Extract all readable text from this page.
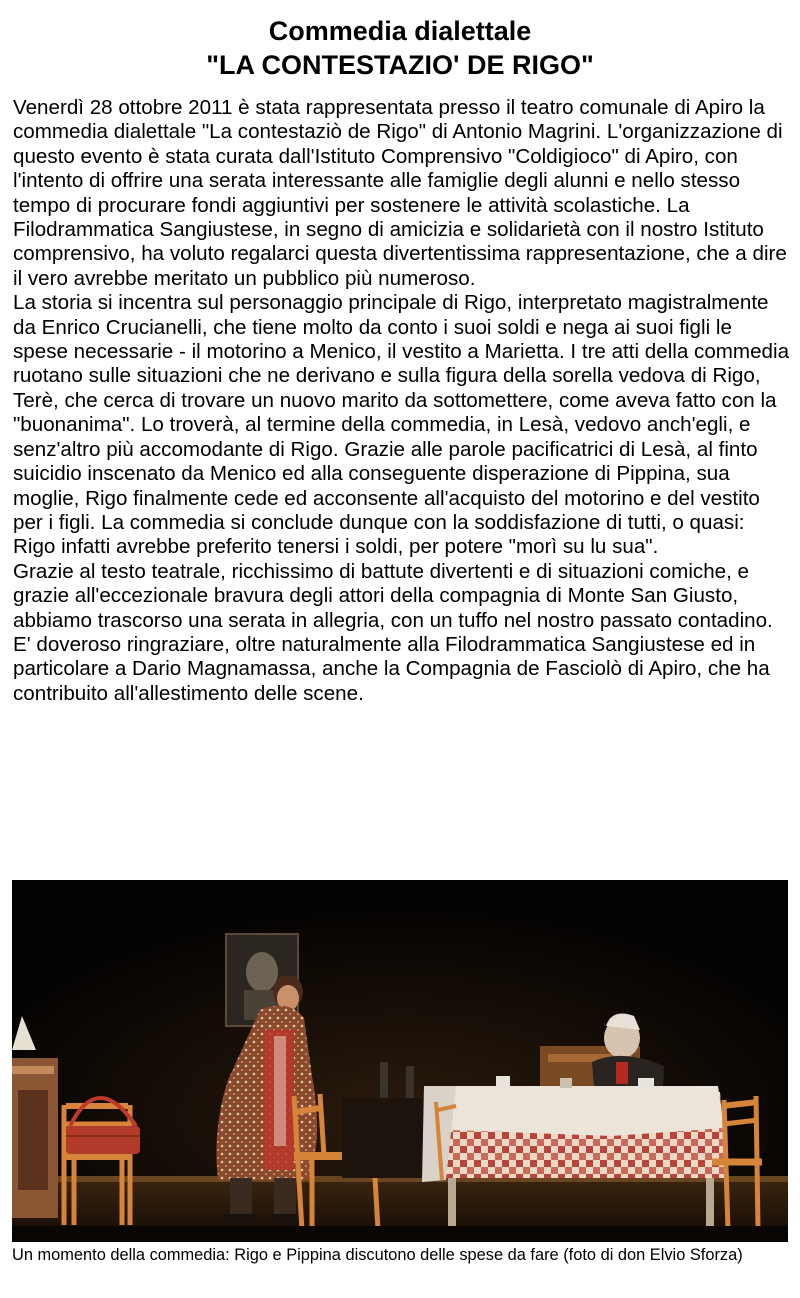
Commedia dialettale
"LA CONTESTAZIO' DE RIGO"

Venerdì 28 ottobre 2011 è stata rappresentata presso il teatro comunale di Apiro la commedia dialettale "La contestaziò de Rigo" di Antonio Magrini. L'organizzazione di questo evento è stata curata dall'Istituto Comprensivo "Coldigioco" di Apiro, con l'intento di offrire una serata interessante alle famiglie degli alunni e nello stesso tempo di procurare fondi aggiuntivi per sostenere le attività scolastiche. La Filodrammatica Sangiustese, in segno di amicizia e solidarietà con il nostro Istituto comprensivo, ha voluto regalarci questa divertentissima rappresentazione, che a dire il vero avrebbe meritato un pubblico più numeroso.

La storia si incentra sul personaggio principale di Rigo, interpretato magistralmente da Enrico Crucianelli, che tiene molto da conto i suoi soldi e nega ai suoi figli le spese necessarie - il motorino a Menico, il vestito a Marietta. I tre atti della commedia ruotano sulle situazioni che ne derivano e sulla figura della sorella vedova di Rigo, Terè, che cerca di trovare un nuovo marito da sottomettere, come aveva fatto con la "buonanima". Lo troverà, al termine della commedia, in Lesà, vedovo anch'egli, e senz'altro più accomodante di Rigo. Grazie alle parole pacificatrici di Lesà, al finto suicidio inscenato da Menico ed alla conseguente disperazione di Pippina, sua moglie, Rigo finalmente cede ed acconsente all'acquisto del motorino e del vestito per i figli. La commedia si conclude dunque con la soddisfazione di tutti, o quasi: Rigo infatti avrebbe preferito tenersi i soldi, per potere "morì su lu sua".

Grazie al testo teatrale, ricchissimo di battute divertenti e di situazioni comiche, e grazie all'eccezionale bravura degli attori della compagnia di Monte San Giusto, abbiamo trascorso una serata in allegria, con un tuffo nel nostro passato contadino.

E' doveroso ringraziare, oltre naturalmente alla Filodrammatica Sangiustese ed in particolare a Dario Magnamassa, anche la Compagnia de Fasciolò di Apiro, che ha contribuito all'allestimento delle scene.

Un momento della commedia: Rigo e Pippina discutono delle spese da fare (foto di don Elvio Sforza)
